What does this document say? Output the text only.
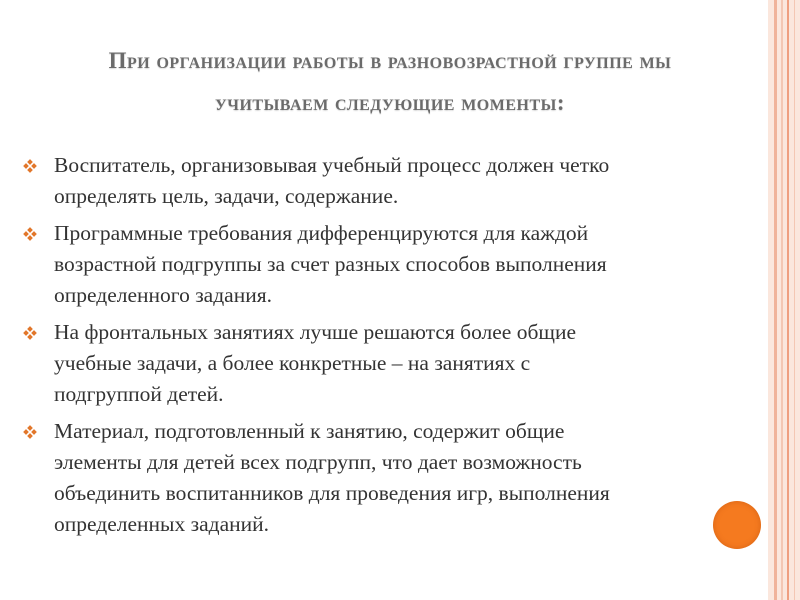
При организации работы в разновозрастной группе мы
учитываем следующие моменты:
Воспитатель, организовывая учебный процесс должен четко
определять цель, задачи, содержание.
Программные требования дифференцируются для каждой
возрастной подгруппы за счет разных способов выполнения
определенного задания.
На фронтальных занятиях лучше решаются более общие
учебные задачи, а более конкретные – на занятиях с
подгруппой детей.
Материал, подготовленный к занятию, содержит общие
элементы для детей всех подгрупп, что дает возможность
объединить воспитанников для проведения игр, выполнения
определенных заданий.
